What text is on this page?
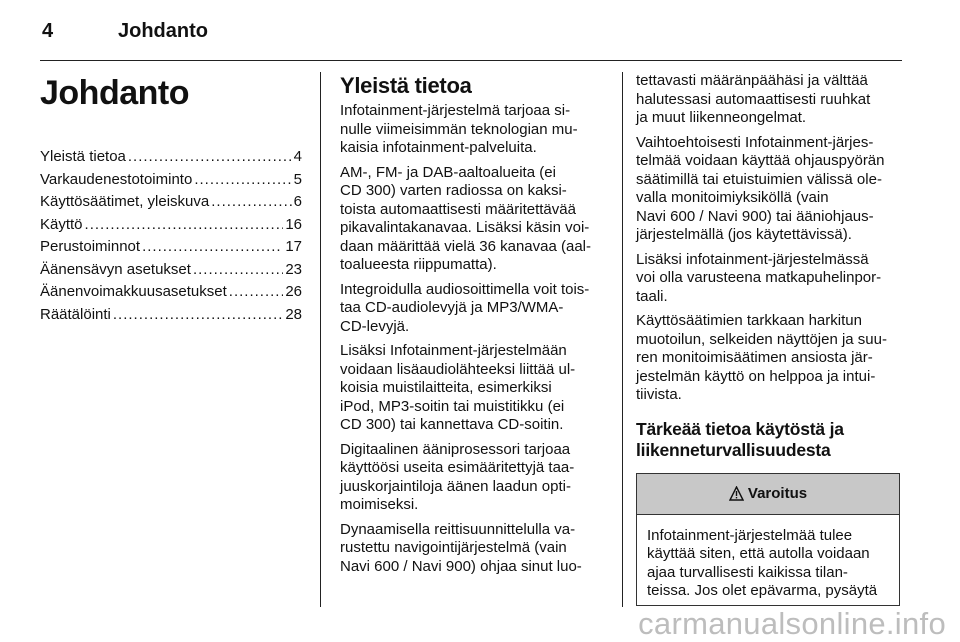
4	Johdanto
Johdanto
Yleistä tietoa .....	4
Varkaudenestotoiminto .....	5
Käyttösäätimet, yleiskuva .....	6
Käyttö .....	16
Perustoiminnot .....	17
Äänensävyn asetukset .....	23
Äänenvoimakkuusasetukset .....	26
Räätälöinti .....	28
Yleistä tietoa

Infotainment-järjestelmä tarjoaa si-
nulle viimeisimmän teknologian mu-
kaisia infotainment-palveluita.

AM-, FM- ja DAB-aaltoalueita (ei
CD 300) varten radiossa on kaksi-
toista automaattisesti määritettävää
pikavalintakanavaa. Lisäksi käsin voi-
daan määrittää vielä 36 kanavaa (aal-
toalueesta riippumatta).

Integroidulla audiosoittimella voit tois-
taa CD-audiolevyjä ja MP3/WMA-
CD-levyjä.

Lisäksi Infotainment-järjestelmään
voidaan lisäaudiolähteeksi liittää ul-
koisia muistilaitteita, esimerkiksi
iPod, MP3-soitin tai muistitikku (ei
CD 300) tai kannettava CD-soitin.

Digitaalinen ääniprosessori tarjoaa
käyttöösi useita esimääritettyjä taa-
juuskorjaintiloja äänen laadun opti-
moimiseksi.

Dynaamisella reittisuunnittelulla va-
rustettu navigointijärjestelmä (vain
Navi 600 / Navi 900) ohjaa sinut luo-

tettavasti määränpäähäsi ja välttää
halutessasi automaattisesti ruuhkat
ja muut liikenneongelmat.

Vaihtoehtoisesti Infotainment-järjes-
telmää voidaan käyttää ohjauspyörän
säätimillä tai etuistuimien välissä ole-
valla monitoimiyksiköllä (vain
Navi 600 / Navi 900) tai ääniohjaus-
järjestelmällä (jos käytettävissä).

Lisäksi infotainment-järjestelmässä
voi olla varusteena matkapuhelinpor-
taali.

Käyttösäätimien tarkkaan harkitun
muotoilun, selkeiden näyttöjen ja suu-
ren monitoimisäätimen ansiosta jär-
jestelmän käyttö on helppoa ja intui-
tiivista.

Tärkeää tietoa käytöstä ja
liikenneturvallisuudesta
Varoitus
Infotainment-järjestelmää tulee
käyttää siten, että autolla voidaan
ajaa turvallisesti kaikissa tilan-
teissa. Jos olet epävarma, pysäytä
carmanualsonline.info
